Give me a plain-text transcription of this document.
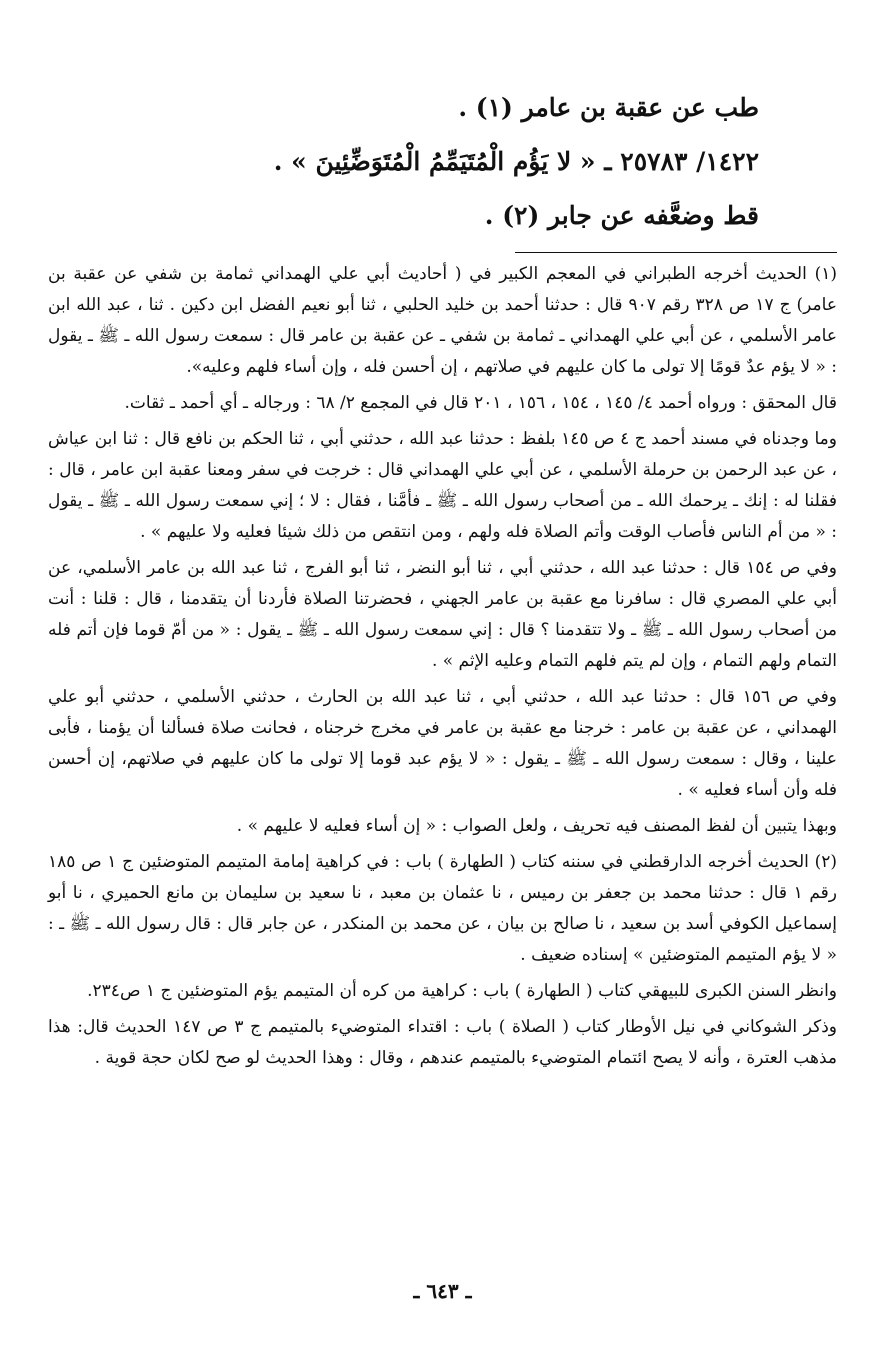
طب عن عقبة بن عامر (١) .

١٤٢٢/ ٢٥٧٨٣ ـ « لا يَؤُم الْمُتَيَمِّمُ الْمُتَوَضِّئِينَ » .

قط وضعَّفه عن جابر (٢) .

(١) الحديث أخرجه الطبراني في المعجم الكبير في ( أحاديث أبي علي الهمداني ثمامة بن شفي عن عقبة بن عامر) ج ١٧ ص ٣٢٨ رقم ٩٠٧ قال : حدثنا أحمد بن خليد الحلبي ، ثنا أبو نعيم الفضل ابن دكين . ثنا ، عبد الله ابن عامر الأسلمي ، عن أبي علي الهمداني ـ ثمامة بن شفي ـ عن عقبة بن عامر قال : سمعت رسول الله ـ ﷺ ـ يقول : « لا يؤم عدٌ قومًا إلا تولى ما كان عليهم في صلاتهم ، إن أحسن فله ، وإن أساء فلهم وعليه».

قال المحقق : ورواه أحمد ٤/ ١٤٥ ، ١٥٤ ، ١٥٦ ، ٢٠١ قال في المجمع ٢/ ٦٨ : ورجاله ـ أي أحمد ـ ثقات.

وما وجدناه في مسند أحمد ج ٤ ص ١٤٥ بلفظ : حدثنا عبد الله ، حدثني أبي ، ثنا الحكم بن نافع قال : ثنا ابن عياش ، عن عبد الرحمن بن حرملة الأسلمي ، عن أبي علي الهمداني قال : خرجت في سفر ومعنا عقبة ابن عامر ، قال : فقلنا له : إنك ـ يرحمك الله ـ من أصحاب رسول الله ـ ﷺ ـ فأمَّنا ، فقال : لا ؛ إني سمعت رسول الله ـ ﷺ ـ يقول : « من أم الناس فأصاب الوقت وأتم الصلاة فله ولهم ، ومن انتقص من ذلك شيئا فعليه ولا عليهم » .

وفي ص ١٥٤ قال : حدثنا عبد الله ، حدثني أبي ، ثنا أبو النضر ، ثنا أبو الفرج ، ثنا عبد الله بن عامر الأسلمي، عن أبي علي المصري قال : سافرنا مع عقبة بن عامر الجهني ، فحضرتنا الصلاة فأردنا أن يتقدمنا ، قال : قلنا : أنت من أصحاب رسول الله ـ ﷺ ـ ولا تتقدمنا ؟ قال : إني سمعت رسول الله ـ ﷺ ـ يقول : « من أمّ قوما فإن أتم فله التمام ولهم التمام ، وإن لم يتم فلهم التمام وعليه الإثم » .

وفي ص ١٥٦ قال : حدثنا عبد الله ، حدثني أبي ، ثنا عبد الله بن الحارث ، حدثني الأسلمي ، حدثني أبو علي الهمداني ، عن عقبة بن عامر : خرجنا مع عقبة بن عامر في مخرج خرجناه ، فحانت صلاة فسألنا أن يؤمنا ، فأبى علينا ، وقال : سمعت رسول الله ـ ﷺ ـ يقول : « لا يؤم عبد قوما إلا تولى ما كان عليهم في صلاتهم، إن أحسن فله وأن أساء فعليه » .

وبهذا يتبين أن لفظ المصنف فيه تحريف ، ولعل الصواب : « إن أساء فعليه لا عليهم » .

(٢) الحديث أخرجه الدارقطني في سننه كتاب ( الطهارة ) باب : في كراهية إمامة المتيمم المتوضئين ج ١ ص ١٨٥ رقم ١ قال : حدثنا محمد بن جعفر بن رميس ، نا عثمان بن معبد ، نا سعيد بن سليمان بن مانع الحميري ، نا أبو إسماعيل الكوفي أسد بن سعيد ، نا صالح بن بيان ، عن محمد بن المنكدر ، عن جابر قال : قال رسول الله ـ ﷺ ـ : « لا يؤم المتيمم المتوضئين » إسناده ضعيف .

وانظر السنن الكبرى للبيهقي كتاب ( الطهارة ) باب : كراهية من كره أن المتيمم يؤم المتوضئين ج ١ ص٢٣٤.

وذكر الشوكاني في نيل الأوطار كتاب ( الصلاة ) باب : اقتداء المتوضيء بالمتيمم ج ٣ ص ١٤٧ الحديث قال: هذا مذهب العترة ، وأنه لا يصح ائتمام المتوضيء بالمتيمم عندهم ، وقال : وهذا الحديث لو صح لكان حجة قوية .

ـ ٦٤٣ ـ
